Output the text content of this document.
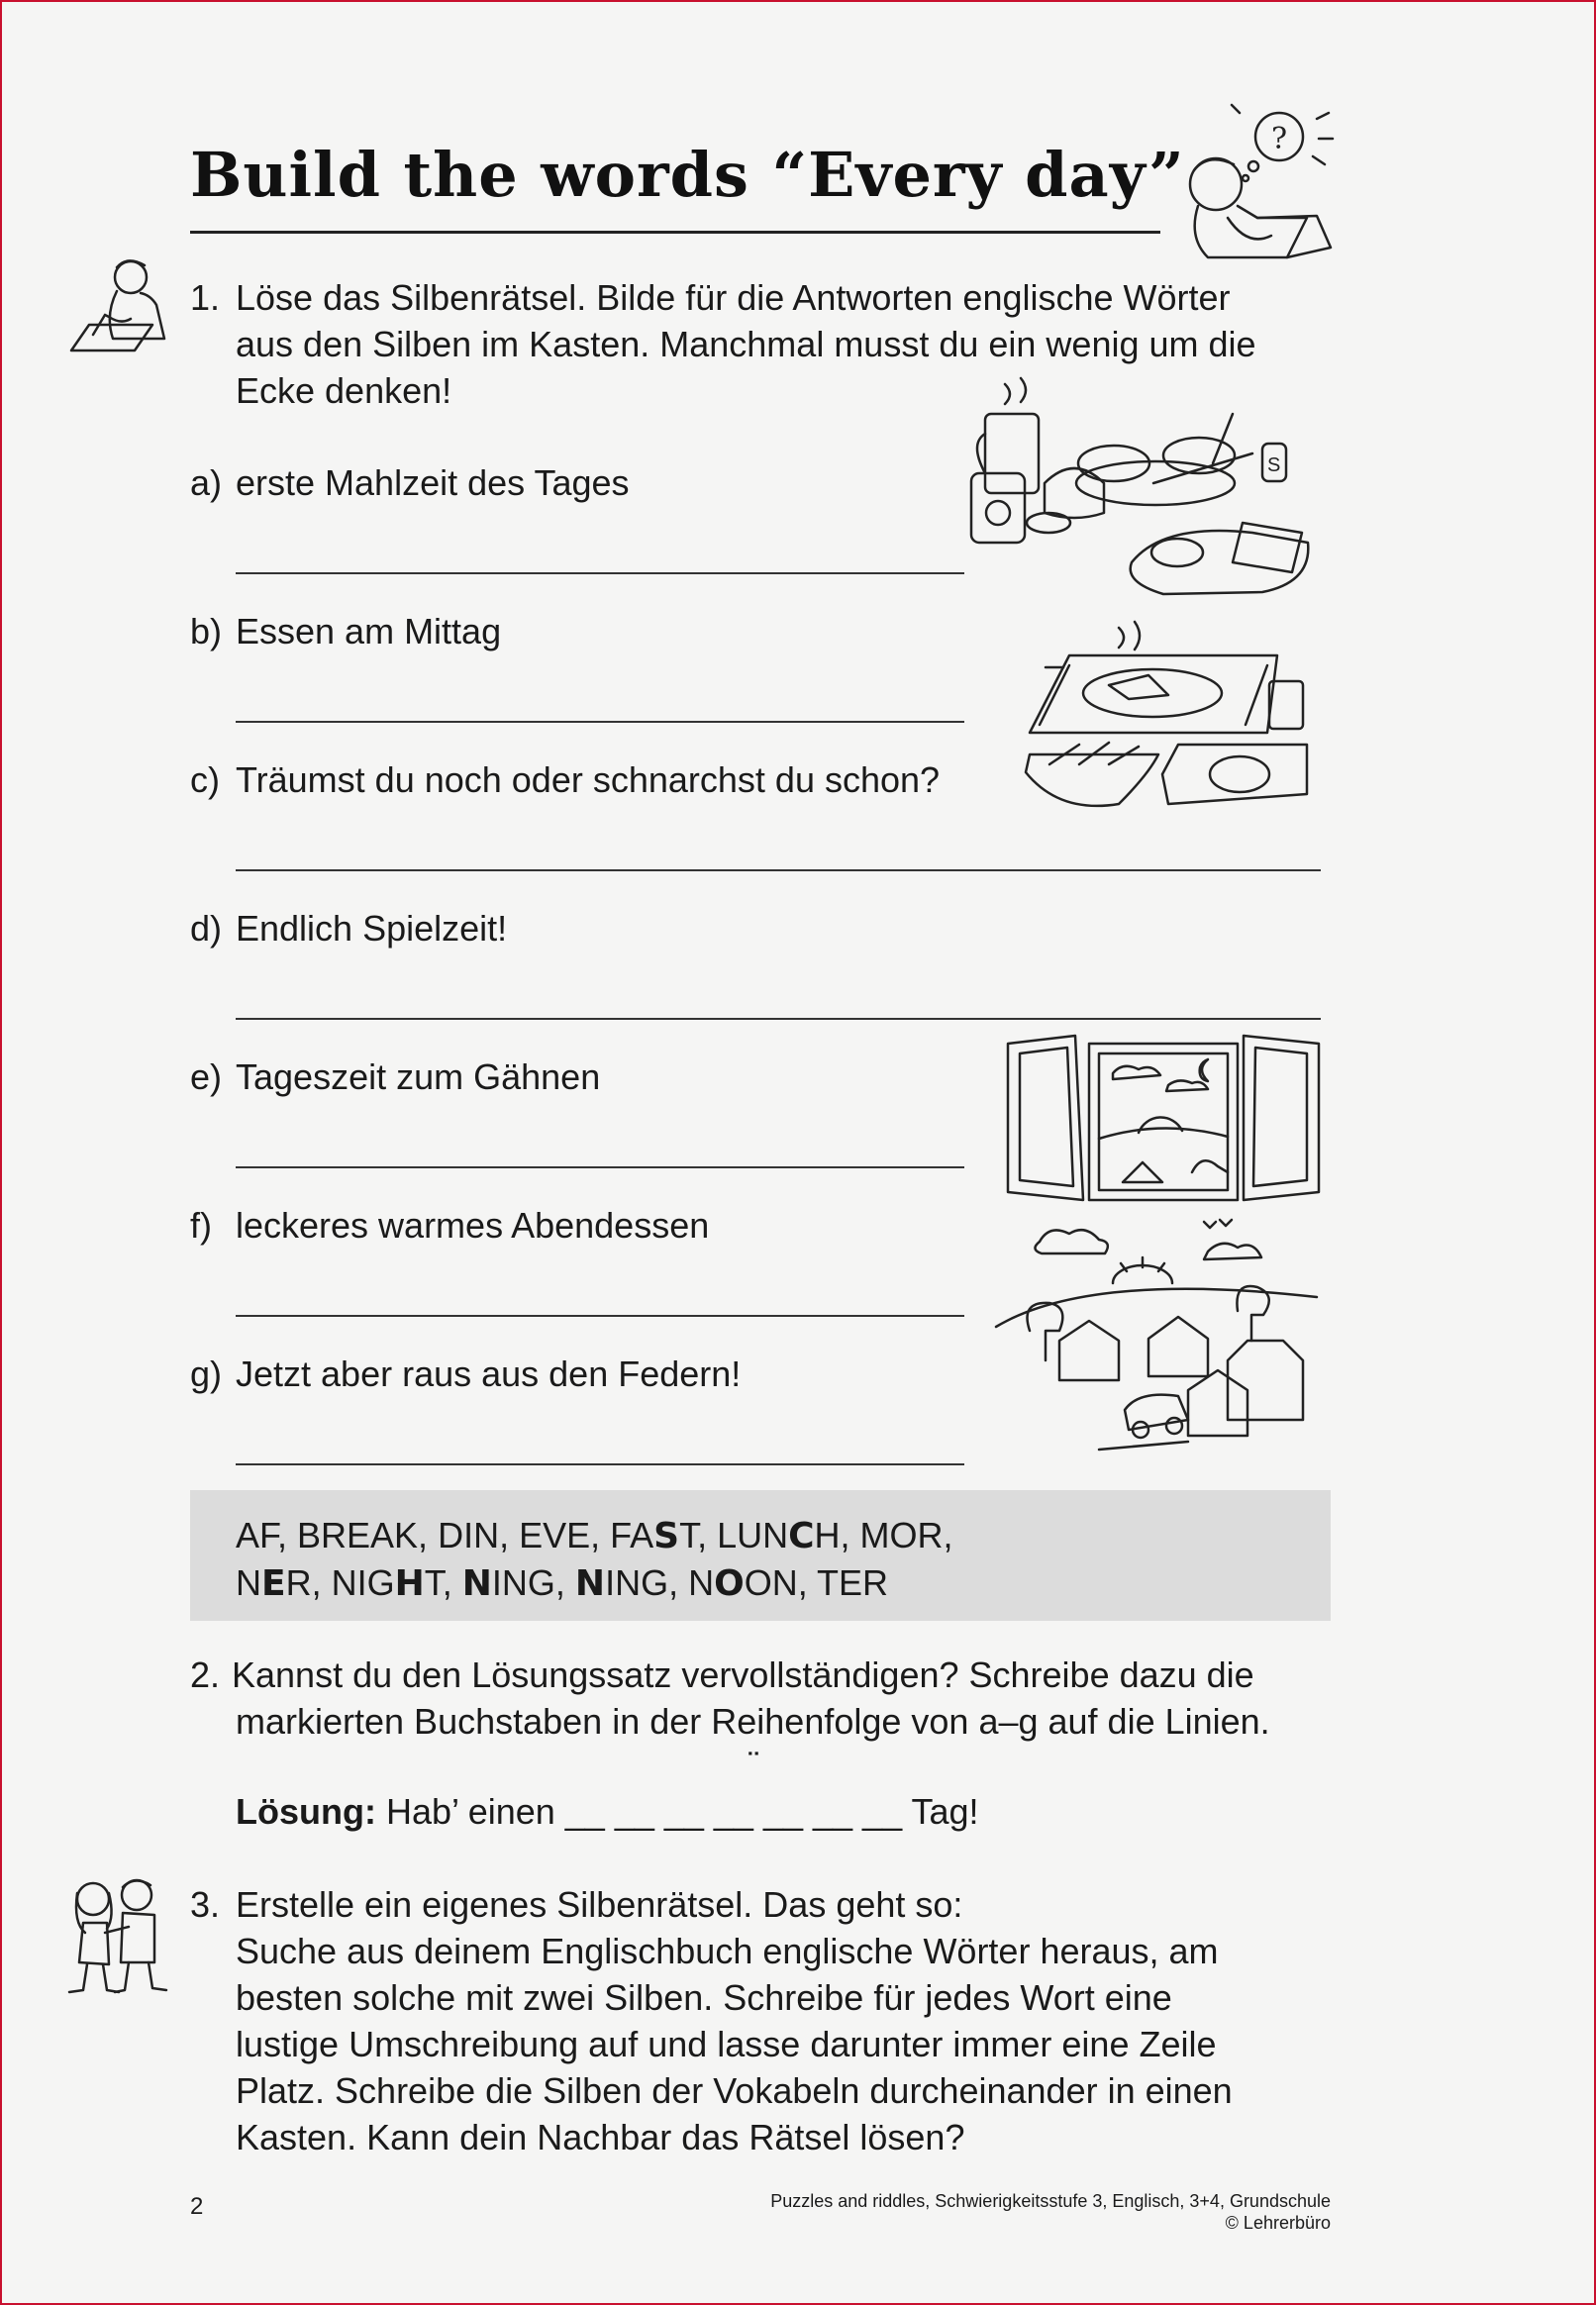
Build the words “Every day”	?
1. Löse das Silbenrätsel. Bilde für die Antworten englische Wörter
aus den Silben im Kasten. Manchmal musst du ein wenig um die
Ecke denken!
a) erste Mahlzeit des Tages
b) Essen am Mittag
c) Träumst du noch oder schnarchst du schon?
d) Endlich Spielzeit!
e) Tageszeit zum Gähnen
f) leckeres warmes Abendessen
g) Jetzt aber raus aus den Federn!
S
AF, BREAK, DIN, EVE, FAST, LUNCH, MOR,
NER, NIGHT, NING, NING, NOON, TER
2. Kannst du den Lösungssatz vervollständigen? Schreibe dazu die
markierten Buchstaben in der Reihenfolge von a–g auf die Linien.
¨
Lösung: Hab’ einen __ __ __ __ __ __ __ Tag!
3. Erstelle ein eigenes Silbenrätsel. Das geht so:
Suche aus deinem Englischbuch englische Wörter heraus, am
besten solche mit zwei Silben. Schreibe für jedes Wort eine
lustige Umschreibung auf und lasse darunter immer eine Zeile
Platz. Schreibe die Silben der Vokabeln durcheinander in einen
Kasten. Kann dein Nachbar das Rätsel lösen?
2	Puzzles and riddles, Schwierigkeitsstufe 3, Englisch, 3+4, Grundschule
© Lehrerbüro
